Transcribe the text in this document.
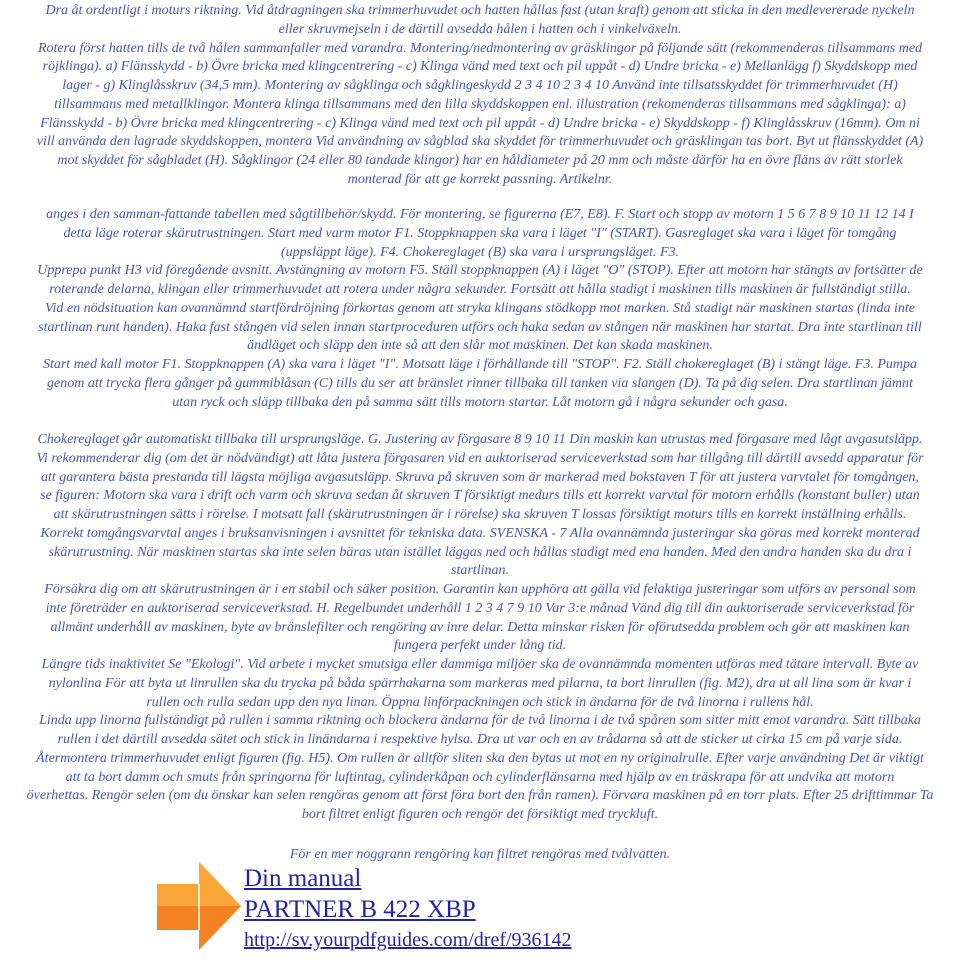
Dra åt ordentligt i moturs riktning. Vid åtdragningen ska trimmerhuvudet och hatten hållas fast (utan kraft) genom att sticka in den medlevererade nyckeln
eller skruvmejseln i de därtill avsedda hålen i hatten och i vinkelväxeln.
Rotera först hatten tills de två hålen sammanfaller med varandra. Montering/nedmontering av gräsklingor på följande sätt (rekommenderas tillsammans med
röjklinga). a) Flänsskydd - b) Övre bricka med klingcentrering - c) Klinga vänd med text och pil uppåt - d) Undre bricka - e) Mellanlägg f) Skyddskopp med
lager - g) Klinglåsskruv (34,5 mm). Montering av sågklinga och sågklingeskydd 2 3 4 10 2 3 4 10 Använd inte tillsatsskyddet för trimmerhuvudet (H)
tillsammans med metallklingor. Montera klinga tillsammans med den lilla skyddskoppen enl. illustration (rekomenderas tillsammans med sågklinga): a)
Flänsskydd - b) Övre bricka med klingcentrering - c) Klinga vänd med text och pil uppåt - d) Undre bricka - e) Skyddskopp - f) Klinglåsskruv (16mm). Om ni
vill använda den lagrade skyddskoppen, montera Vid användning av sågblad ska skyddet för trimmerhuvudet och gräsklingan tas bort. Byt ut flänsskyddet (A)
mot skyddet för sågbladet (H). Sågklingor (24 eller 80 tandade klingor) har en håldiameter på 20 mm och måste därför ha en övre fläns av rätt storlek
monterad för att ge korrekt passning. Artikelnr.
anges i den samman-fattande tabellen med sågtillbehör/skydd. För montering, se figurerna (E7, E8). F. Start och stopp av motorn 1 5 6 7 8 9 10 11 12 14 I
detta läge roterar skärutrustningen. Start med varm motor F1. Stoppknappen ska vara i läget "I" (START). Gasreglaget ska vara i läget för tomgång
(uppsläppt läge). F4. Chokereglaget (B) ska vara i ursprungsläget. F3.
Upprepa punkt H3 vid föregående avsnitt. Avstängning av motorn F5. Ställ stoppknappen (A) i läget "O" (STOP). Efter att motorn har stängts av fortsätter de
roterande delarna, klingan eller trimmerhuvudet att rotera under några sekunder. Fortsätt att hålla stadigt i maskinen tills maskinen är fullständigt stilla.
Vid en nödsituation kan ovannämnd startfördröjning förkortas genom att stryka klingans stödkopp mot marken. Stå stadigt när maskinen startas (linda inte
startlinan runt handen). Haka fast stången vid selen innan startproceduren utförs och haka sedan av stången när maskinen har startat. Dra inte startlinan till
ändläget och släpp den inte så att den slår mot maskinen. Det kan skada maskinen.
Start med kall motor F1. Stoppknappen (A) ska vara i läget "I". Motsatt läge i förhållande till "STOP". F2. Ställ chokereglaget (B) i stängt läge. F3. Pumpa
genom att trycka flera gånger på gummiblåsan (C) tills du ser att bränslet rinner tillbaka till tanken via slangen (D). Ta på dig selen. Dra startlinan jämnt
utan ryck och släpp tillbaka den på samma sätt tills motorn startar. Låt motorn gå i några sekunder och gasa.
Chokereglaget går automatiskt tillbaka till ursprungsläge. G. Justering av förgasare 8 9 10 11 Din maskin kan utrustas med förgasare med lågt avgasutsläpp.
Vi rekommenderar dig (om det är nödvändigt) att låta justera förgasaren vid en auktoriserad serviceverkstad som har tillgång till därtill avsedd apparatur för
att garantera bästa prestanda till lägsta möjliga avgasutsläpp. Skruva på skruven som är markerad med bokstaven T för att justera varvtalet för tomgången,
se figuren: Motorn ska vara i drift och varm och skruva sedan åt skruven T försiktigt medurs tills ett korrekt varvtal för motorn erhålls (konstant buller) utan
att skärutrustningen sätts i rörelse. I motsatt fall (skärutrustningen är i rörelse) ska skruven T lossas försiktigt moturs tills en korrekt inställning erhålls.
Korrekt tomgångsvarvtal anges i bruksanvisningen i avsnittet för tekniska data. SVENSKA - 7 Alla ovannämnda justeringar ska göras med korrekt monterad
skärutrustning. När maskinen startas ska inte selen bäras utan istället läggas ned och hållas stadigt med ena handen. Med den andra handen ska du dra i
startlinan.
Försäkra dig om att skärutrustningen är i en stabil och säker position. Garantin kan upphöra att gälla vid felaktiga justeringar som utförs av personal som
inte företräder en auktoriserad serviceverkstad. H. Regelbundet underhåll 1 2 3 4 7 9 10 Var 3:e månad Vänd dig till din auktoriserade serviceverkstad för
allmänt underhåll av maskinen, byte av bränslefilter och rengöring av inre delar. Detta minskar risken för oförutsedda problem och gör att maskinen kan
fungera perfekt under lång tid.
Längre tids inaktivitet Se "Ekologi". Vid arbete i mycket smutsiga eller dammiga miljöer ska de ovannämnda momenten utföras med tätare intervall. Byte av
nylonlina För att byta ut linrullen ska du trycka på båda spärrhakarna som markeras med pilarna, ta bort linrullen (fig. M2), dra ut all lina som är kvar i
rullen och rulla sedan upp den nya linan. Öppna linförpackningen och stick in ändarna för de två linorna i rullens hål.
Linda upp linorna fullständigt på rullen i samma riktning och blockera ändarna för de två linorna i de två spåren som sitter mitt emot varandra. Sätt tillbaka
rullen i det därtill avsedda sätet och stick in linändarna i respektive hylsa. Dra ut var och en av trådarna så att de sticker ut cirka 15 cm på varje sida.
Återmontera trimmerhuvudet enligt figuren (fig. H5). Om rullen är alltför sliten ska den bytas ut mot en ny originalrulle. Efter varje användning Det är viktigt
att ta bort damm och smuts från springorna för luftintag, cylinderkåpan och cylinderflänsarna med hjälp av en träskrapa för att undvika att motorn
överhettas. Rengör selen (om du önskar kan selen rengöras genom att först föra bort den från ramen). Förvara maskinen på en torr plats. Efter 25 drifttimmar Ta
bort filtret enligt figuren och rengör det försiktigt med tryckluft.
För en mer noggrann rengöring kan filtret rengöras med tvålvatten.
Din manual
PARTNER B 422 XBP
http://sv.yourpdfguides.com/dref/936142
